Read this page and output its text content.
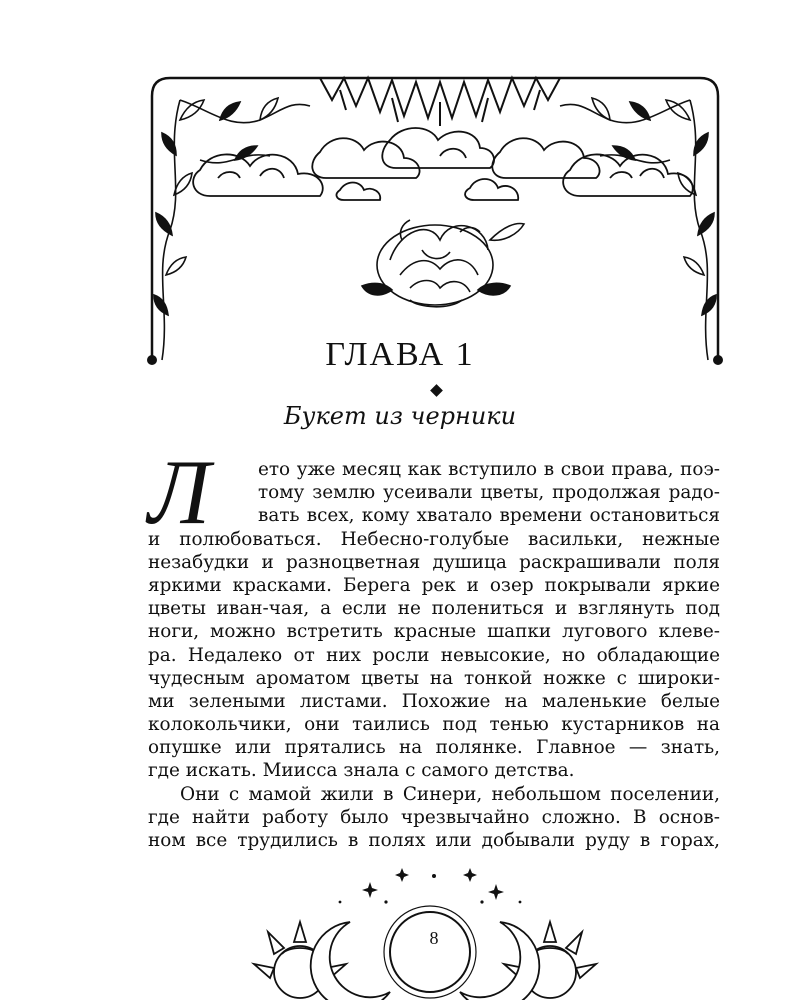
ГЛАВА 1
Букет из черники
Л	ето уже месяц как вступило в свои права, поэ-
тому землю усеивали цветы, продолжая радо-
вать всех, кому хватало времени остановиться
и полюбоваться. Небесно-голубые васильки, нежные
незабудки и разноцветная душица раскрашивали поля
яркими красками. Берега рек и озер покрывали яркие
цветы иван-чая, а если не полениться и взглянуть под
ноги, можно встретить красные шапки лугового клеве-
ра. Недалеко от них росли невысокие, но обладающие
чудесным ароматом цветы на тонкой ножке с широки-
ми зелеными листами. Похожие на маленькие белые
колокольчики, они таились под тенью кустарников на
опушке или прятались на полянке. Главное — знать,
где искать. Миисса знала с самого детства.
Они с мамой жили в Синери, небольшом поселении,
где найти работу было чрезвычайно сложно. В основ-
ном все трудились в полях или добывали руду в горах,
8
